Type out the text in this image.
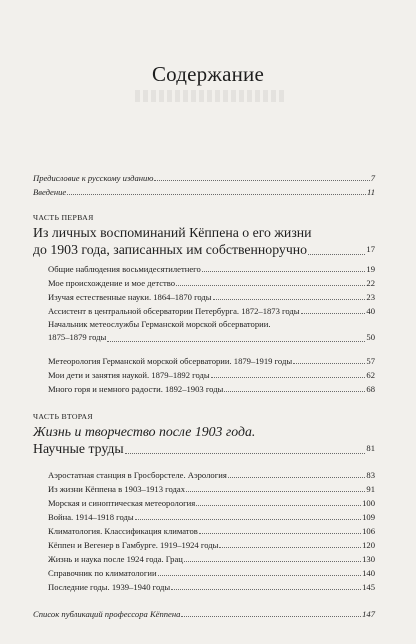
Содержание
Предисловие к русскому изданию	7
Введение	11
ЧАСТЬ ПЕРВАЯ
Из личных воспоминаний Кёппена о его жизни
до 1903 года, записанных им собственноручно	17
Общие наблюдения восьмидесятилетнего	19
Мое происхождение и мое детство	22
Изучая естественные науки. 1864–1870 годы	23
Ассистент в центральной обсерватории Петербурга. 1872–1873 годы	40
Начальник метеослужбы Германской морской обсерватории.
1875–1879 годы	50
Метеорология Германской морской обсерватории. 1879–1919 годы	57
Мои дети и занятия наукой. 1879–1892 годы	62
Много горя и немного радости. 1892–1903 годы	68
ЧАСТЬ ВТОРАЯ
Жизнь и творчество после 1903 года.
Научные труды	81
Аэростатная станция в Гросборстеле. Аэрология	83
Из жизни Кёппена в 1903–1913 годах	91
Морская и синоптическая метеорология	100
Война. 1914–1918 годы	109
Климатология. Классификация климатов	106
Кёппен и Вегенер в Гамбурге. 1919–1924 годы	120
Жизнь и наука после 1924 года. Грац	130
Справочник по климатологии	140
Последние годы. 1939–1940 годы	145
Список публикаций профессора Кёппена	147
